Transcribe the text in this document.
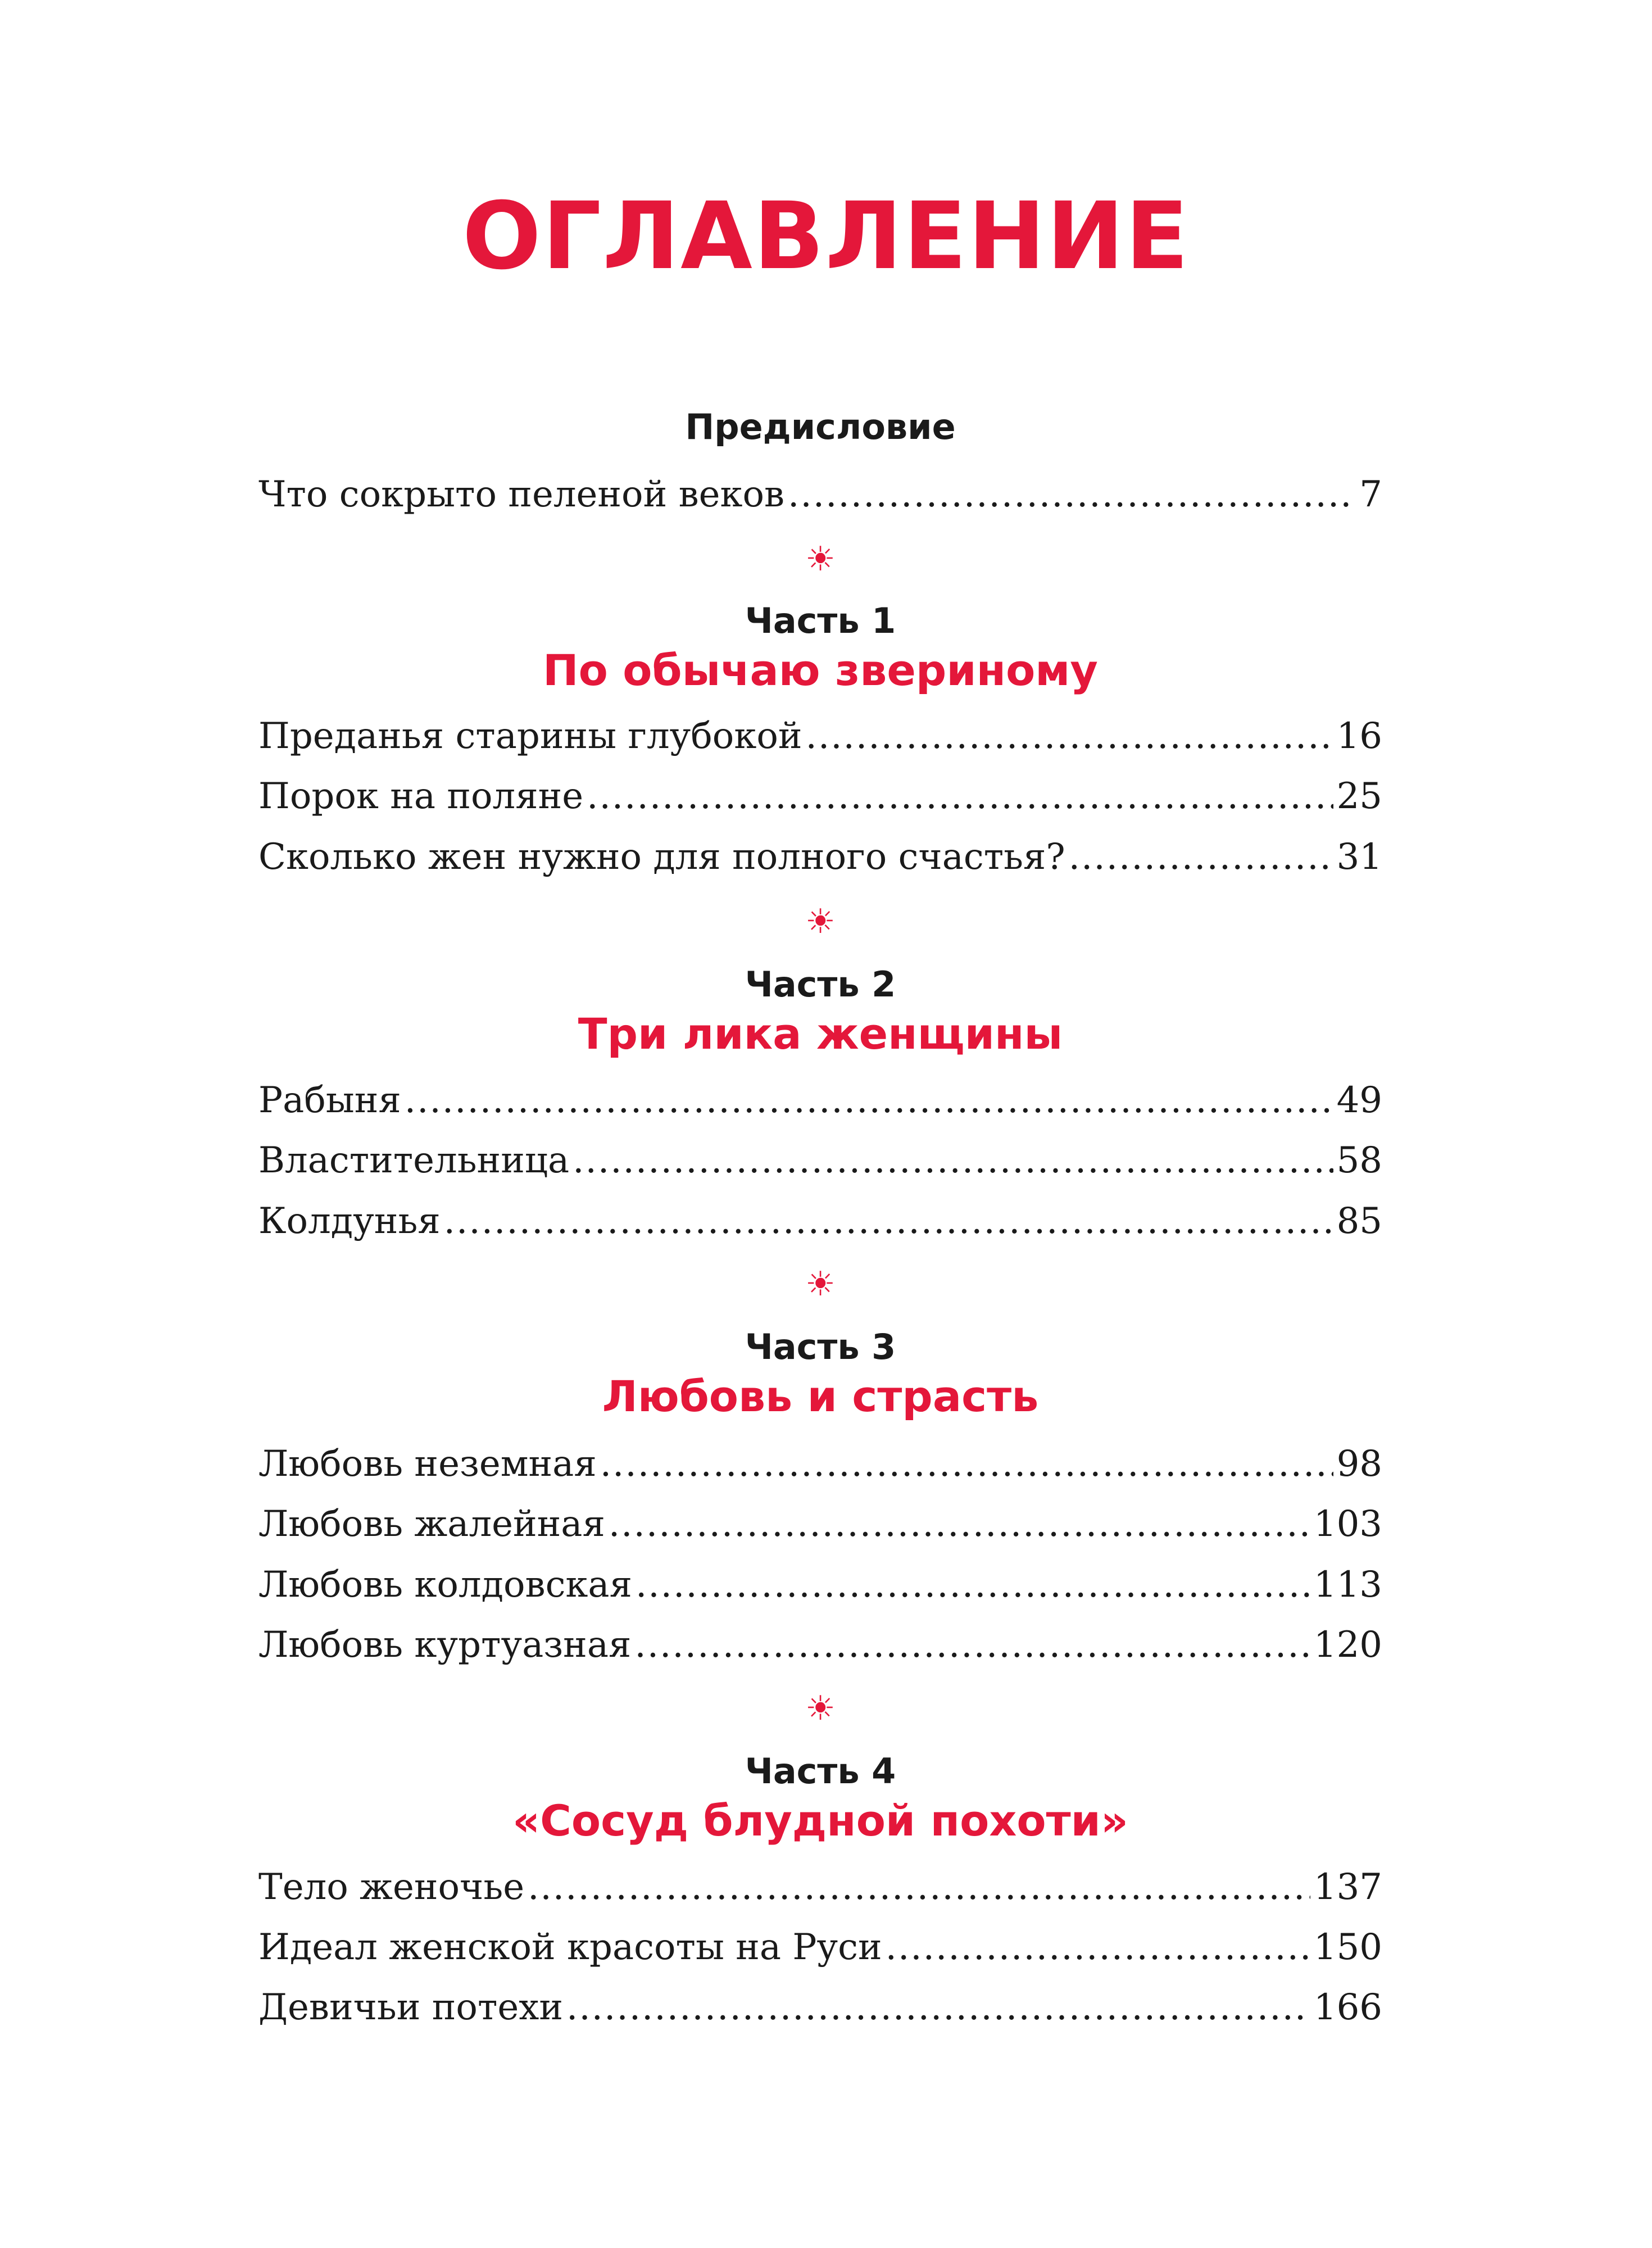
ОГЛАВЛЕНИЕ
Предисловие
Что сокрыто пеленой веков .....	7
☀
Часть 1
По обычаю звериному
Преданья старины глубокой .....	16
Порок на поляне .....	25
Сколько жен нужно для полного счастья? .....	31
☀
Часть 2
Три лика женщины
Рабыня .....	49
Властительница .....	58
Колдунья .....	85
☀
Часть 3
Любовь и страсть
Любовь неземная .....	98
Любовь жалейная .....	103
Любовь колдовская .....	113
Любовь куртуазная .....	120
☀
Часть 4
«Сосуд блудной похоти»
Тело женочье .....	137
Идеал женской красоты на Руси .....	150
Девичьи потехи .....	166
